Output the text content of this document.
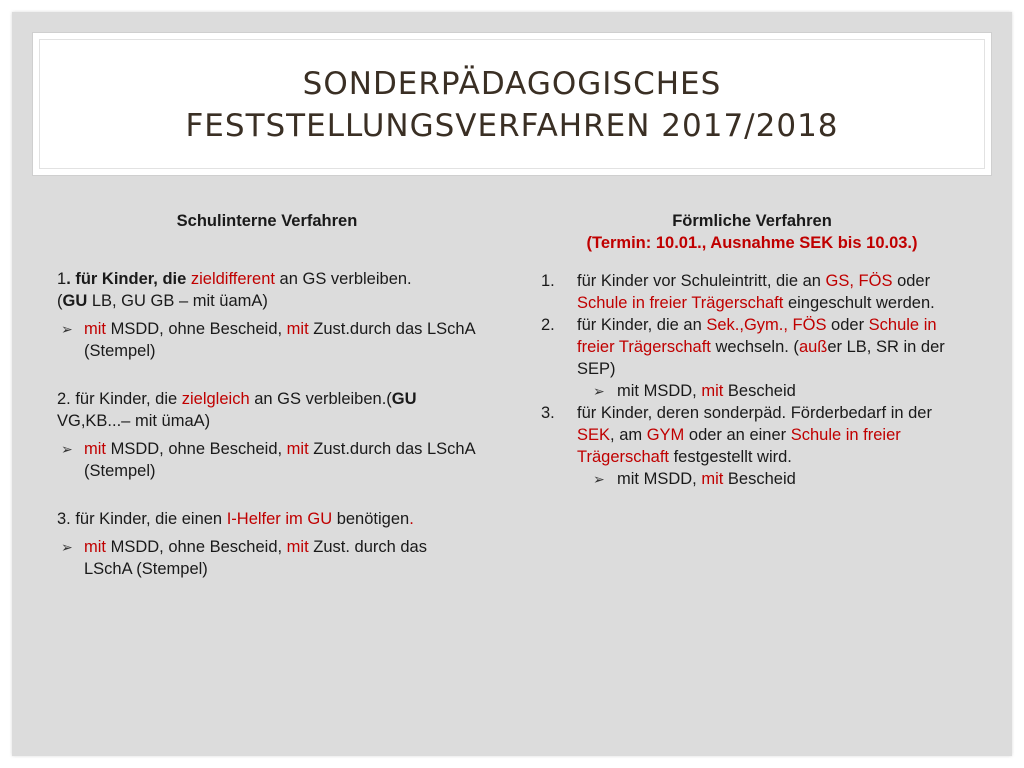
SONDERPÄDAGOGISCHES
FESTSTELLUNGSVERFAHREN 2017/2018
Schulinterne Verfahren

1. für Kinder, die zieldifferent an GS verbleiben.
(GU LB, GU GB – mit üamA)

➢ mit MSDD, ohne Bescheid, mit Zust.durch das LSchA (Stempel)

2. für Kinder, die zielgleich an GS verbleiben.(GU VG,KB...– mit ümaA)

➢ mit MSDD, ohne Bescheid, mit Zust.durch das LSchA (Stempel)

3. für Kinder, die einen I-Helfer im GU benötigen.

➢ mit MSDD, ohne Bescheid, mit Zust. durch das LSchA (Stempel)
Förmliche Verfahren
(Termin: 10.01., Ausnahme SEK bis 10.03.)
1. für Kinder vor Schuleintritt, die an GS, FÖS oder Schule in freier Trägerschaft eingeschult werden.
2. für Kinder, die an Sek.,Gym., FÖS oder Schule in freier Trägerschaft wechseln. (außer LB, SR in der SEP)
➢ mit MSDD, mit Bescheid
3. für Kinder, deren sonderpäd. Förderbedarf in der SEK, am GYM oder an einer Schule in freier Trägerschaft festgestellt wird.
➢ mit MSDD, mit Bescheid
